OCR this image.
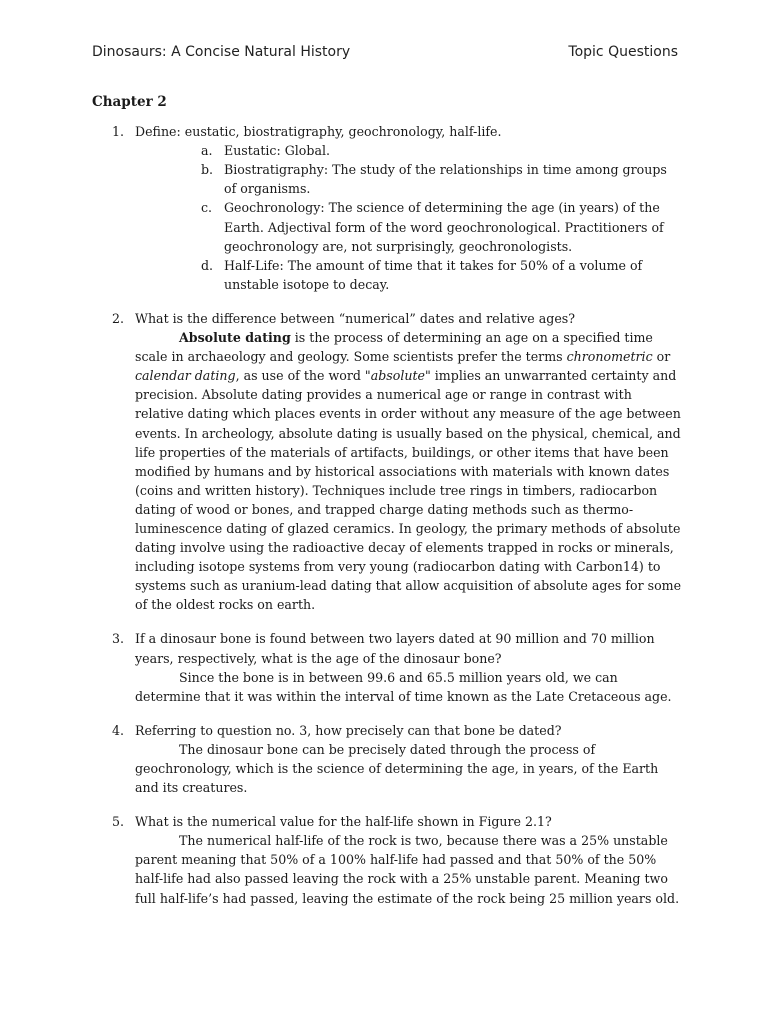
Dinosaurs: A Concise Natural History	Topic Questions
Chapter 2
1. Define: eustatic, biostratigraphy, geochronology, half-life.
a. Eustatic: Global.
b. Biostratigraphy: The study of the relationships in time among groups of organisms.
c. Geochronology: The science of determining the age (in years) of the Earth. Adjectival form of the word geochronological. Practitioners of geochronology are, not surprisingly, geochronologists.
d. Half-Life: The amount of time that it takes for 50% of a volume of unstable isotope to decay.
2. What is the difference between “numerical” dates and relative ages?

Absolute dating is the process of determining an age on a specified time scale in archaeology and geology. Some scientists prefer the terms chronometric or calendar dating, as use of the word "absolute" implies an unwarranted certainty and precision. Absolute dating provides a numerical age or range in contrast with relative dating which places events in order without any measure of the age between events. In archeology, absolute dating is usually based on the physical, chemical, and life properties of the materials of artifacts, buildings, or other items that have been modified by humans and by historical associations with materials with known dates (coins and written history). Techniques include tree rings in timbers, radiocarbon dating of wood or bones, and trapped charge dating methods such as thermo-luminescence dating of glazed ceramics. In geology, the primary methods of absolute dating involve using the radioactive decay of elements trapped in rocks or minerals, including isotope systems from very young (radiocarbon dating with Carbon14) to systems such as uranium-lead dating that allow acquisition of absolute ages for some of the oldest rocks on earth.

3. If a dinosaur bone is found between two layers dated at 90 million and 70 million years, respectively, what is the age of the dinosaur bone?

Since the bone is in between 99.6 and 65.5 million years old, we can determine that it was within the interval of time known as the Late Cretaceous age.

4. Referring to question no. 3, how precisely can that bone be dated?

The dinosaur bone can be precisely dated through the process of geochronology, which is the science of determining the age, in years, of the Earth and its creatures.

5. What is the numerical value for the half-life shown in Figure 2.1?

The numerical half-life of the rock is two, because there was a 25% unstable parent meaning that 50% of a 100% half-life had passed and that 50% of the 50% half-life had also passed leaving the rock with a 25% unstable parent. Meaning two full half-life’s had passed, leaving the estimate of the rock being 25 million years old.
